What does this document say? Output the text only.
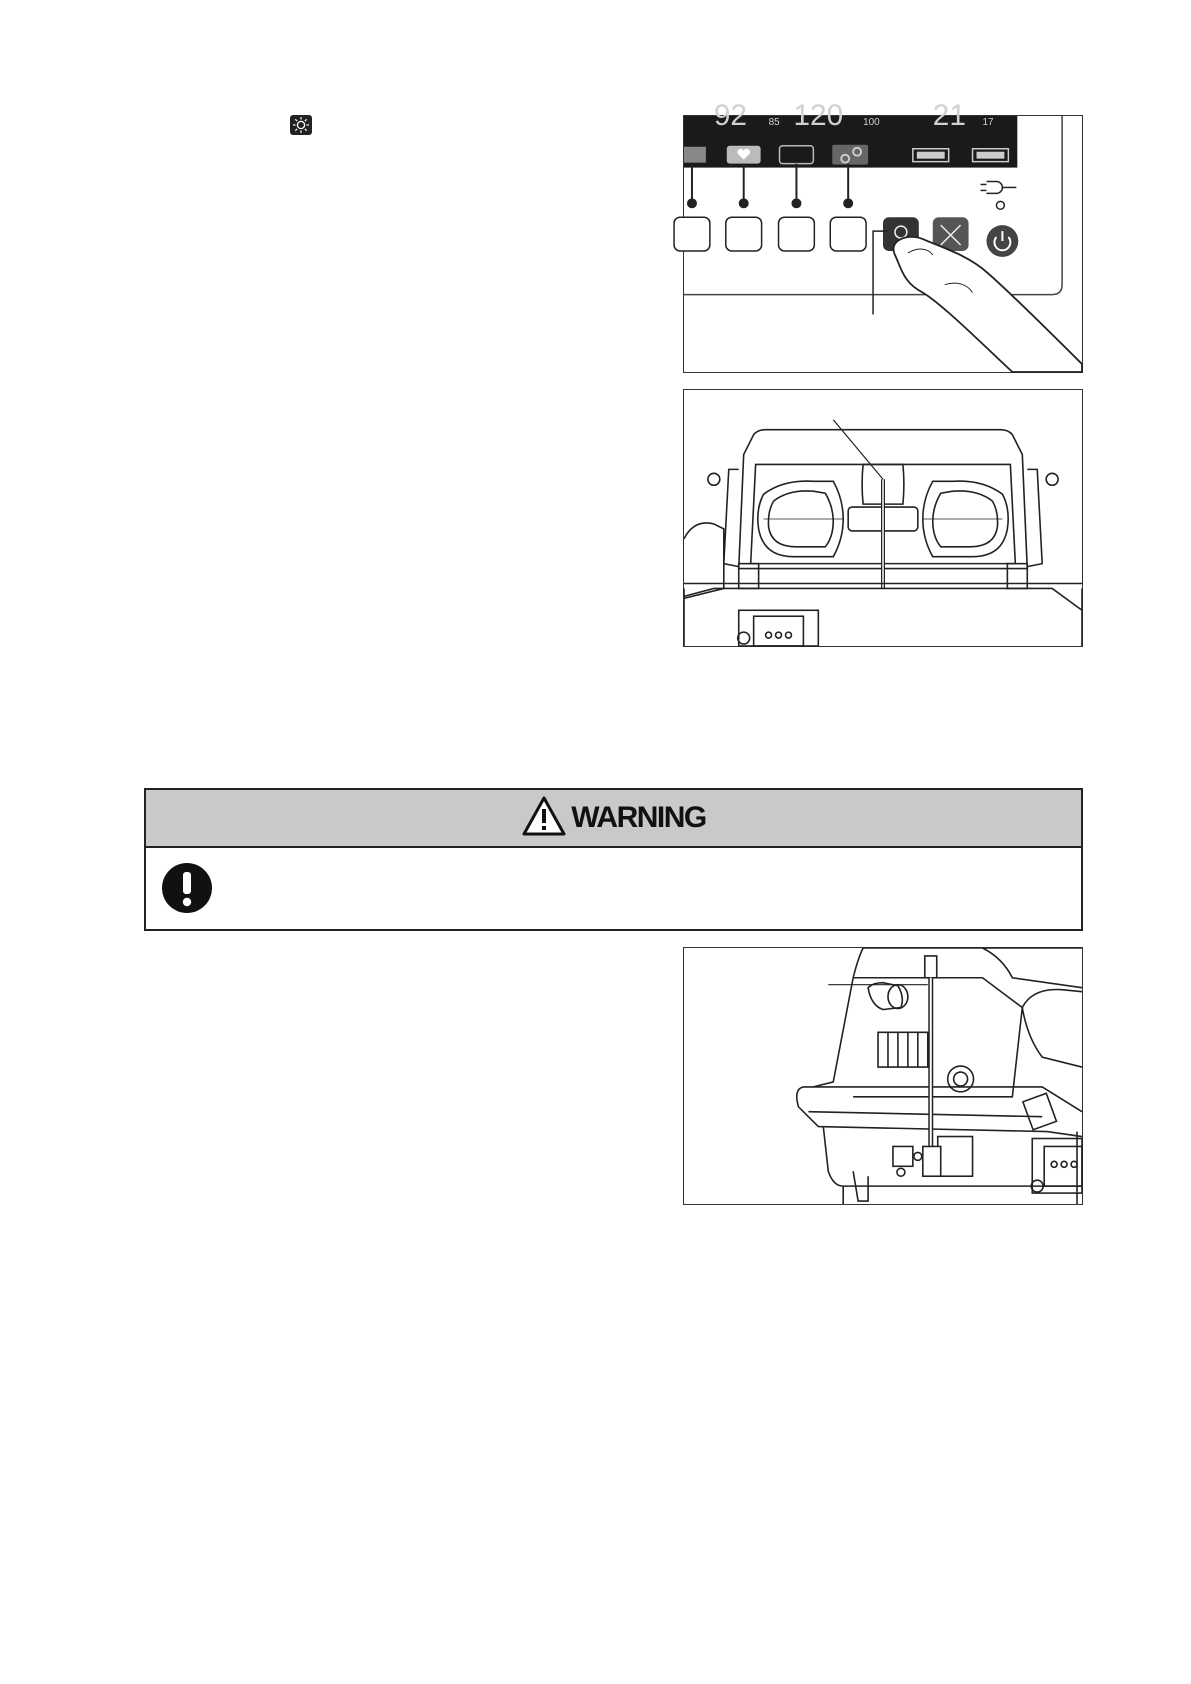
92 85 120 100 21 17
WARNING
